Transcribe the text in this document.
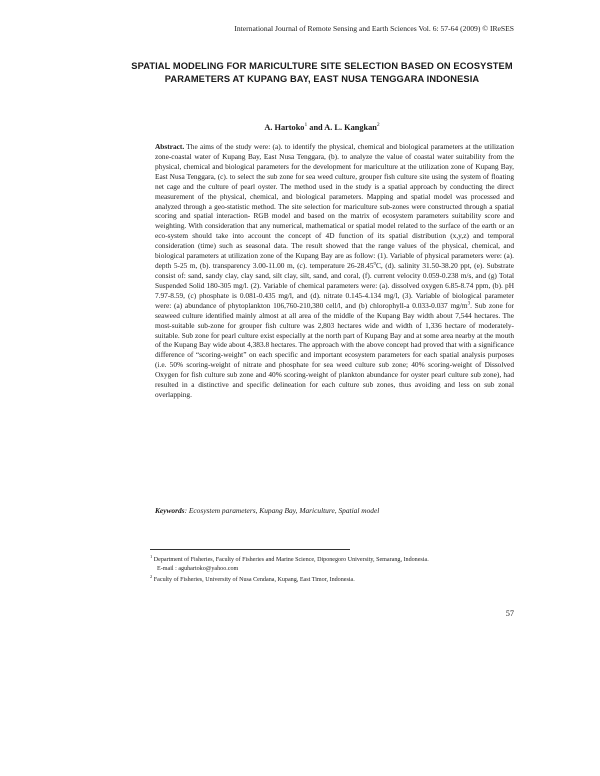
International Journal of Remote Sensing and Earth Sciences Vol. 6: 57-64 (2009) © IReSES
SPATIAL MODELING FOR MARICULTURE SITE SELECTION BASED ON ECOSYSTEM PARAMETERS AT KUPANG BAY, EAST NUSA TENGGARA INDONESIA
A. Hartoko$^1$ and A. L. Kangkan$^2$

Abstract. The aims of the study were: (a). to identify the physical, chemical and biological parameters at the utilization zone-coastal water of Kupang Bay, East Nusa Tenggara, (b). to analyze the value of coastal water suitability from the physical, chemical and biological parameters for the development for mariculture at the utilization zone of Kupang Bay, East Nusa Tenggara, (c). to select the sub zone for sea weed culture, grouper fish culture site using the system of floating net cage and the culture of pearl oyster. The method used in the study is a spatial approach by conducting the direct measurement of the physical, chemical, and biological parameters. Mapping and spatial model was processed and analyzed through a geo-statistic method. The site selection for mariculture sub-zones were constructed through a spatial scoring and spatial interaction- RGB model and based on the matrix of ecosystem parameters suitability score and weighting. With consideration that any numerical, mathematical or spatial model related to the surface of the earth or an eco-system should take into account the concept of 4D function of its spatial distribution (x,y,z) and temporal consideration (time) such as seasonal data. The result showed that the range values of the physical, chemical, and biological parameters at utilization zone of the Kupang Bay are as follow: (1). Variable of physical parameters were: (a). depth 5-25 m, (b). transparency 3.00-11.00 m, (c). temperature 26-28.45$^o$C, (d). salinity 31.50-38.20 ppt, (e). Substrate consist of: sand, sandy clay, clay sand, silt clay, silt, sand, and coral, (f). current velocity 0.059-0.238 m/s, and (g) Total Suspended Solid 180-305 mg/l. (2). Variable of chemical parameters were: (a). dissolved oxygen 6.85-8.74 ppm, (b). pH 7.97-8.59, (c) phosphate is 0.081-0.435 mg/l, and (d). nitrate 0.145-4.134 mg/l, (3). Variable of biological parameter were: (a) abundance of phytoplankton 106,760-210,380 cell/l, and (b) chlorophyll-a 0.033-0.037 $mg/m^3$. Sub zone for seaweed culture identified mainly almost at all area of the middle of the Kupang Bay width about 7,544 hectares. The most-suitable sub-zone for grouper fish culture was 2,803 hectares wide and width of 1,336 hectare of moderately-suitable. Sub zone for pearl culture exist especially at the north part of Kupang Bay and at some area nearby at the mouth of the Kupang Bay wide about 4,383.8 hectares. The approach with the above concept had proved that with a significance difference of “scoring-weight” on each specific and important ecosystem parameters for each spatial analysis purposes (i.e. 50% scoring-weight of nitrate and phosphate for sea weed culture sub zone; 40% scoring-weight of Dissolved Oxygen for fish culture sub zone and 40% scoring-weight of plankton abundance for oyster pearl culture sub zone), had resulted in a distinctive and specific delineation for each culture sub zones, thus avoiding and less on sub zonal overlapping.

Keywords: Ecosystem parameters, Kupang Bay, Mariculture, Spatial model

$^1$ Department of Fisheries, Faculty of Fisheries and Marine Science, Diponegoro University, Semarang, Indonesia.

E-mail : aguhartoko@yahoo.com

$^2$ Faculty of Fisheries, University of Nusa Cendana, Kupang, East Timor, Indonesia.

57
